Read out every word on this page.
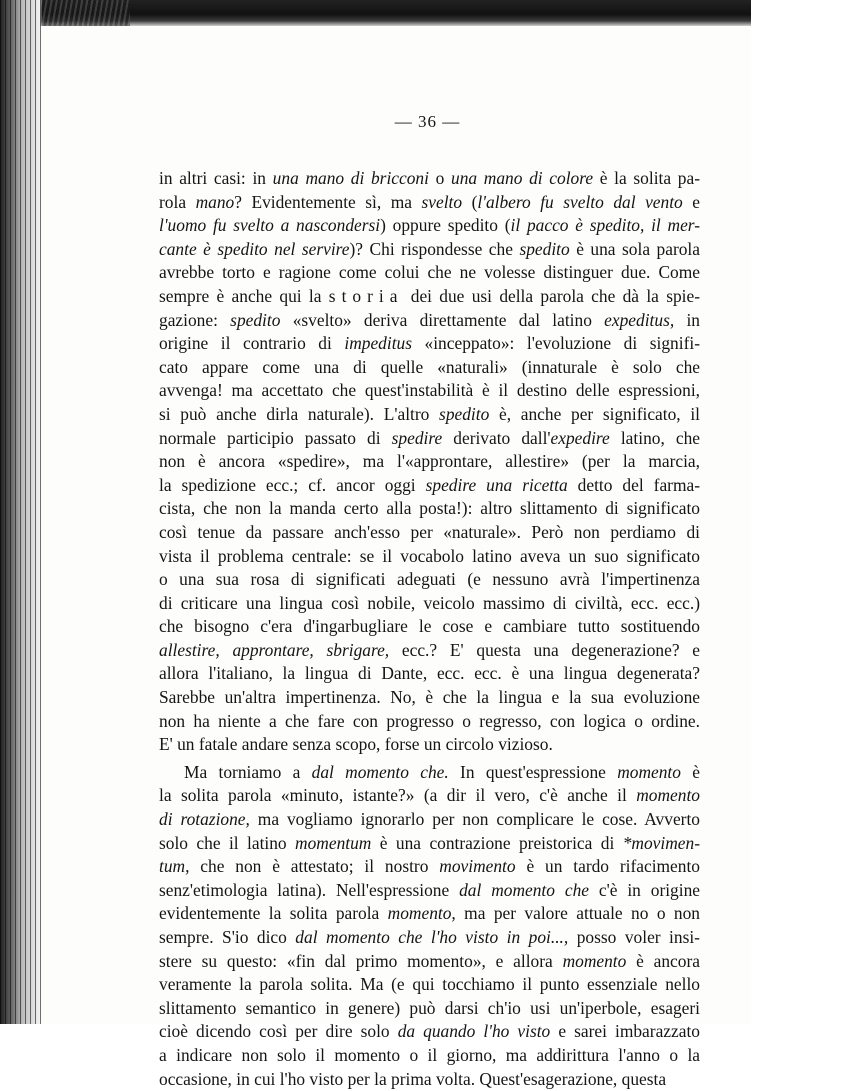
— 36 —
in altri casi: in una mano di bricconi o una mano di colore è la solita pa-
rola mano? Evidentemente sì, ma svelto (l'albero fu svelto dal vento e
l'uomo fu svelto a nascondersi) oppure spedito (il pacco è spedito, il mer-
cante è spedito nel servire)? Chi rispondesse che spedito è una sola parola
avrebbe torto e ragione come colui che ne volesse distinguer due. Come
sempre è anche qui la storia dei due usi della parola che dà la spie-
gazione: spedito «svelto» deriva direttamente dal latino expeditus, in
origine il contrario di impeditus «inceppato»: l'evoluzione di signifi-
cato appare come una di quelle «naturali» (innaturale è solo che
avvenga! ma accettato che quest'instabilità è il destino delle espressioni,
si può anche dirla naturale). L'altro spedito è, anche per significato, il
normale participio passato di spedire derivato dall'expedire latino, che
non è ancora «spedire», ma l'«approntare, allestire» (per la marcia,
la spedizione ecc.; cf. ancor oggi spedire una ricetta detto del farma-
cista, che non la manda certo alla posta!): altro slittamento di significato
così tenue da passare anch'esso per «naturale». Però non perdiamo di
vista il problema centrale: se il vocabolo latino aveva un suo significato
o una sua rosa di significati adeguati (e nessuno avrà l'impertinenza
di criticare una lingua così nobile, veicolo massimo di civiltà, ecc. ecc.)
che bisogno c'era d'ingarbugliare le cose e cambiare tutto sostituendo
allestire, approntare, sbrigare, ecc.? E' questa una degenerazione? e
allora l'italiano, la lingua di Dante, ecc. ecc. è una lingua degenerata?
Sarebbe un'altra impertinenza. No, è che la lingua e la sua evoluzione
non ha niente a che fare con progresso o regresso, con logica o ordine.
E' un fatale andare senza scopo, forse un circolo vizioso.
Ma torniamo a dal momento che. In quest'espressione momento è
la solita parola «minuto, istante?» (a dir il vero, c'è anche il momento
di rotazione, ma vogliamo ignorarlo per non complicare le cose. Avverto
solo che il latino momentum è una contrazione preistorica di *movimen-
tum, che non è attestato; il nostro movimento è un tardo rifacimento
senz'etimologia latina). Nell'espressione dal momento che c'è in origine
evidentemente la solita parola momento, ma per valore attuale no o non
sempre. S'io dico dal momento che l'ho visto in poi..., posso voler insi-
stere su questo: «fin dal primo momento», e allora momento è ancora
veramente la parola solita. Ma (e qui tocchiamo il punto essenziale nello
slittamento semantico in genere) può darsi ch'io usi un'iperbole, esageri
cioè dicendo così per dire solo da quando l'ho visto e sarei imbarazzato
a indicare non solo il momento o il giorno, ma addirittura l'anno o la
occasione, in cui l'ho visto per la prima volta. Quest'esagerazione, questa
